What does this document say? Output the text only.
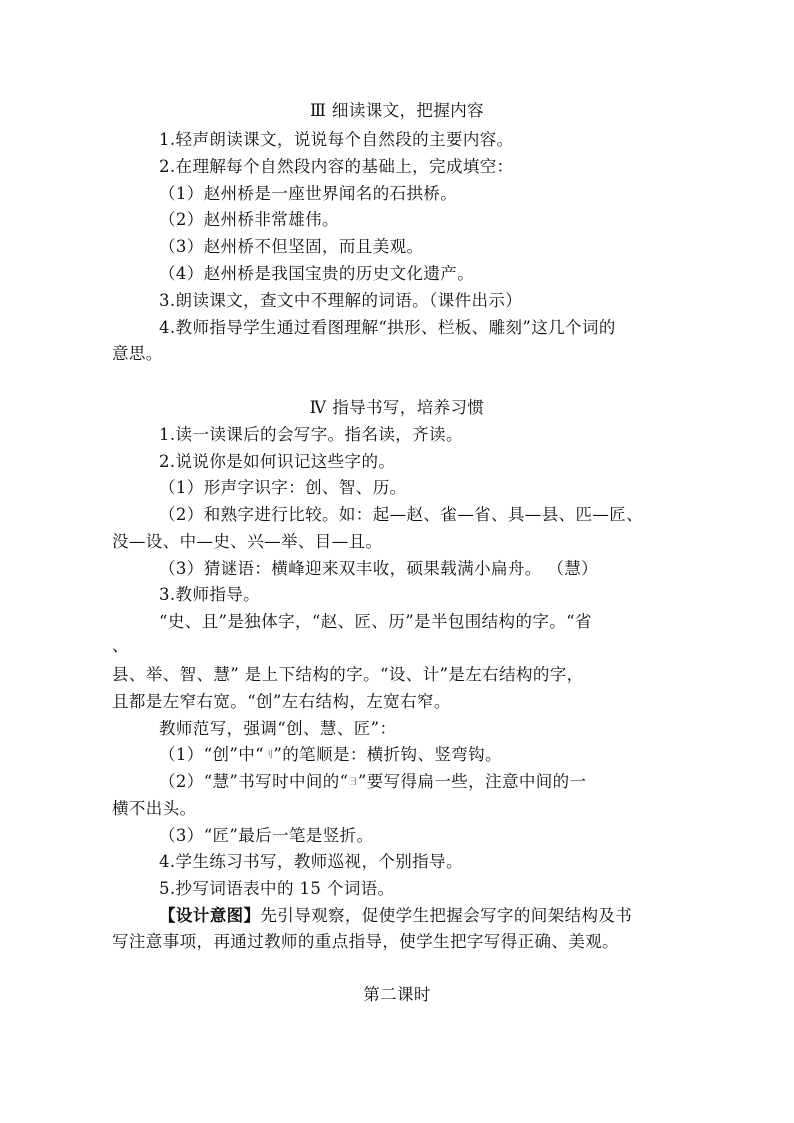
Ⅲ 细读课文，把握内容
1.轻声朗读课文，说说每个自然段的主要内容。
2.在理解每个自然段内容的基础上，完成填空：
（1）赵州桥是一座世界闻名的石拱桥。
（2）赵州桥非常雄伟。
（3）赵州桥不但坚固，而且美观。
（4）赵州桥是我国宝贵的历史文化遗产。
3.朗读课文，查文中不理解的词语。（课件出示）
4.教师指导学生通过看图理解“拱形、栏板、雕刻”这几个词的
意思。
Ⅳ 指导书写，培养习惯
1.读一读课后的会写字。指名读，齐读。
2.说说你是如何识记这些字的。
（1）形声字识字：创、智、历。
（2）和熟字进行比较。如：起—赵、雀—省、具—县、匹—匠、
没—设、中—史、兴—举、目—且。
（3）猜谜语：横峰迎来双丰收，硕果载满小扁舟。 （慧）
3.教师指导。
“史、且”是独体字，“赵、匠、历”是半包围结构的字。“省
、
县、举、智、慧” 是上下结构的字。“设、计”是左右结构的字，
且都是左窄右宽。“创”左右结构，左宽右窄。
教师范写，强调“创、慧、匠”：
（1）“创”中“刂”的笔顺是：横折钩、竖弯钩。
（2）“慧”书写时中间的“彐”要写得扁一些，注意中间的一
横不出头。
（3）“匠”最后一笔是竖折。
4.学生练习书写，教师巡视，个别指导。
5.抄写词语表中的 15 个词语。
【设计意图】先引导观察，促使学生把握会写字的间架结构及书
写注意事项，再通过教师的重点指导，使学生把字写得正确、美观。
第二课时
